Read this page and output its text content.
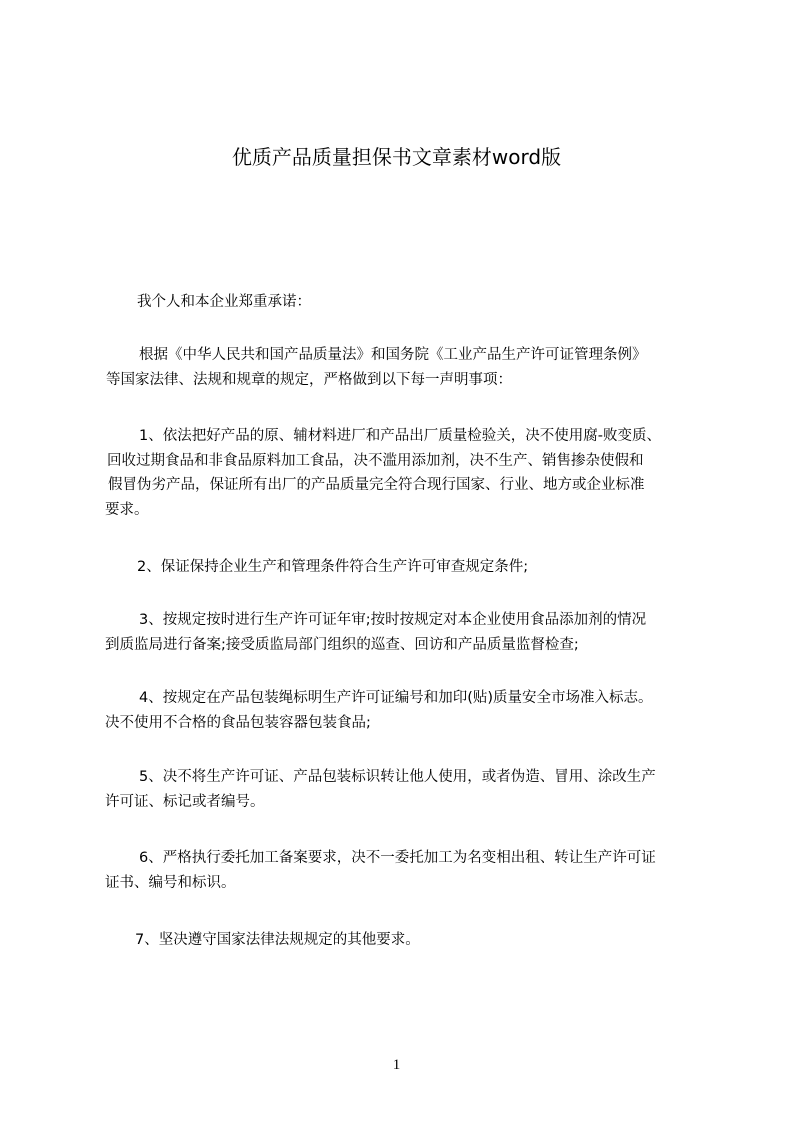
优质产品质量担保书文章素材word版
我个人和本企业郑重承诺：
根据《中华人民共和国产品质量法》和国务院《工业产品生产许可证管理条例》
等国家法律、法规和规章的规定，严格做到以下每一声明事项：
1、依法把好产品的原、辅材料进厂和产品出厂质量检验关，决不使用腐-败变质、
回收过期食品和非食品原料加工食品，决不滥用添加剂，决不生产、销售掺杂使假和
假冒伪劣产品，保证所有出厂的产品质量完全符合现行国家、行业、地方或企业标准
要求。
2、保证保持企业生产和管理条件符合生产许可审查规定条件;
3、按规定按时进行生产许可证年审;按时按规定对本企业使用食品添加剂的情况
到质监局进行备案;接受质监局部门组织的巡查、回访和产品质量监督检查;
4、按规定在产品包装绳标明生产许可证编号和加印(贴)质量安全市场准入标志。
决不使用不合格的食品包装容器包装食品;
5、决不将生产许可证、产品包装标识转让他人使用，或者伪造、冒用、涂改生产
许可证、标记或者编号。
6、严格执行委托加工备案要求，决不一委托加工为名变相出租、转让生产许可证
证书、编号和标识。
7、坚决遵守国家法律法规规定的其他要求。
1
